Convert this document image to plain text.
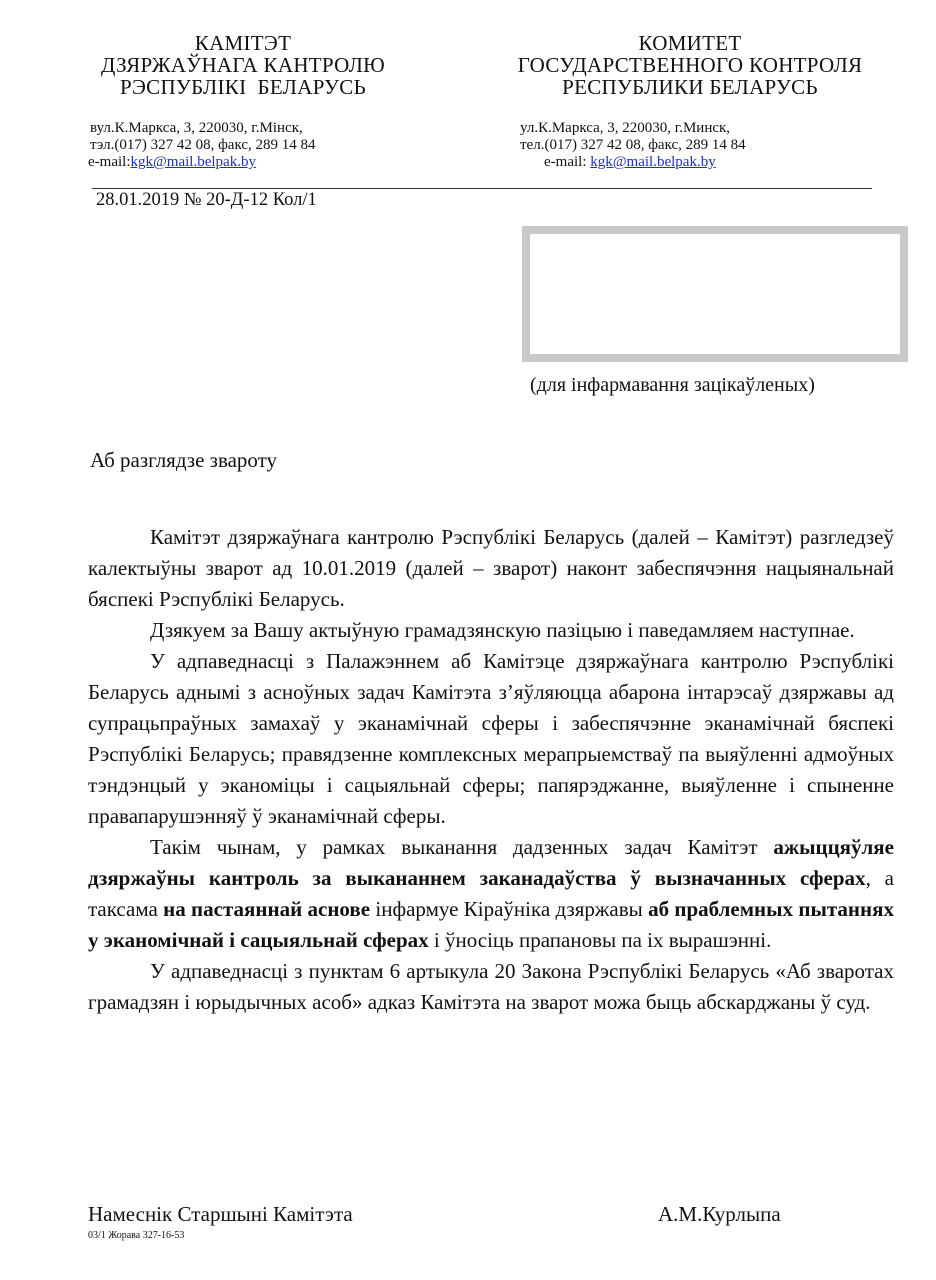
КАМІТЭТ
ДЗЯРЖАЎНАГА КАНТРОЛЮ
РЭСПУБЛІКІ  БЕЛАРУСЬ
вул.К.Маркса, 3, 220030, г.Мінск,
тэл.(017) 327 42 08, факс, 289 14 84
e-mail:kgk@mail.belpak.by
КОМИТЕТ
ГОСУДАРСТВЕННОГО КОНТРОЛЯ
РЕСПУБЛИКИ БЕЛАРУСЬ
ул.К.Маркса, 3, 220030, г.Минск,
тел.(017) 327 42 08, факс, 289 14 84
e-mail: kgk@mail.belpak.by
28.01.2019 № 20-Д-12 Кол/1
(для інфармавання зацікаўленых)
Аб разглядзе звароту

Камітэт дзяржаўнага кантролю Рэспублікі Беларусь (далей – Камітэт) разгледзеў калектыўны зварот ад 10.01.2019 (далей – зварот) наконт забеспячэння нацыянальнай бяспекі Рэспублікі Беларусь.

Дзякуем за Вашу актыўную грамадзянскую пазіцыю і паведамляем наступнае.

У адпаведнасці з Палажэннем аб Камітэце дзяржаўнага кантролю Рэспублікі Беларусь аднымі з асноўных задач Камітэта з’яўляюцца абарона інтарэсаў дзяржавы ад супрацьпраўных замахаў у эканамічнай сферы і забеспячэнне эканамічнай бяспекі Рэспублікі Беларусь; правядзенне комплексных мерапрыемстваў па выяўленні адмоўных тэндэнцый у эканоміцы і сацыяльнай сферы; папярэджанне, выяўленне і спыненне правапарушэнняў ў эканамічнай сферы.

Такім чынам, у рамках выканання дадзенных задач Камітэт ажыццяўляе дзяржаўны кантроль за выкананнем заканадаўства ў вызначанных сферах, а таксама на пастаяннай аснове інфармуе Кіраўніка дзяржавы аб праблемных пытаннях у эканомічнай і сацыяльнай сферах і ўносіць прапановы па іх вырашэнні.

У адпаведнасці з пунктам 6 артыкула 20 Закона Рэспублікі Беларусь «Аб зваротах грамадзян і юрыдычных асоб» адказ Камітэта на зварот можа быць абскарджаны ў суд.

Намеснік Старшыні Камітэта	А.М.Курлыпа
03/1 Жорава 327-16-53
